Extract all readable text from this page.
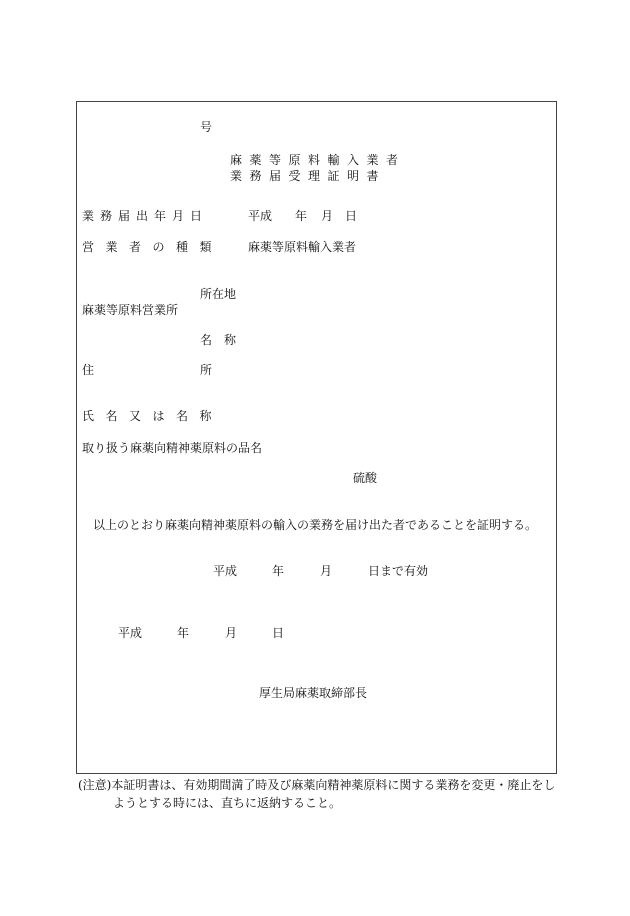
号
麻薬等原料輸入業者
業務届受理証明書
業務届出年月日	平成 年 月 日
営業者の種類 麻薬等原料輸入業者
所在地
麻薬等原料営業所
名　称
住	所
氏名又は名称
取り扱う麻薬向精神薬原料の品名
硫酸
以上のとおり麻薬向精神薬原料の輸入の業務を届け出た者であることを証明する。
平成	年	月	日まで有効
平成	年	月	日
厚生局麻薬取締部長
(注意)本証明書は、有効期間満了時及び麻薬向精神薬原料に関する業務を変更・廃止をし
ようとする時には、直ちに返納すること。
